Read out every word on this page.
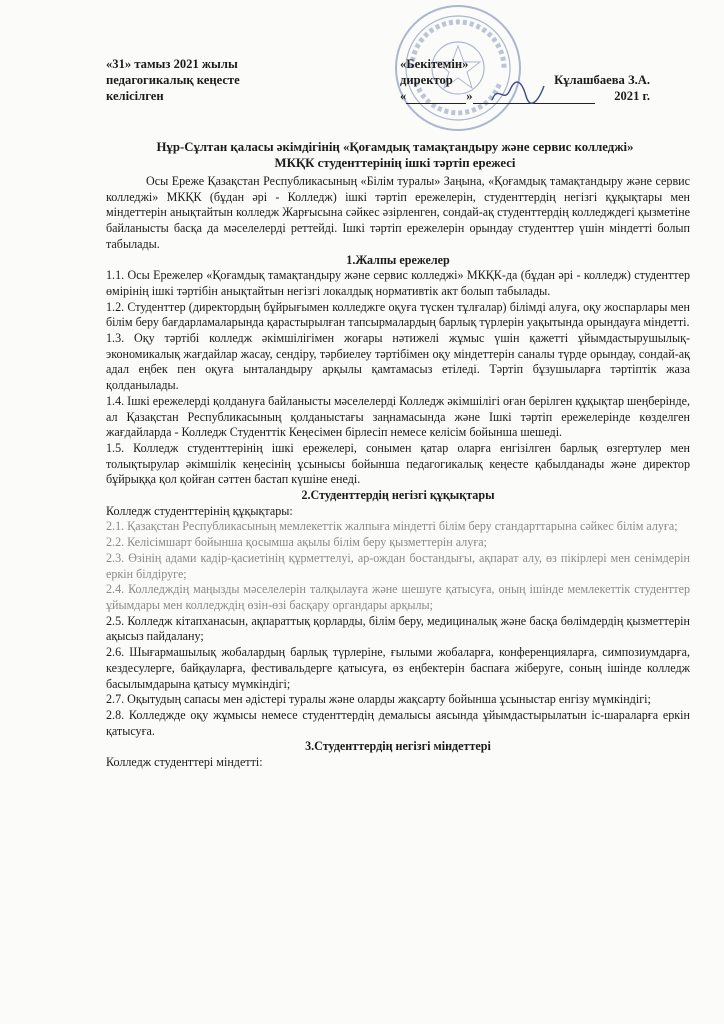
«31» тамыз 2021 жылы
педагогикалық кеңесте
келісілген
«Бекітемін»
директор	Кұлашбаева З.А.
«	»	2021 г.
Нұр-Сұлтан қаласы әкімдігінің «Қоғамдық тамақтандыру және сервис колледжі»
МКҚК студенттерінің ішкі тәртіп ережесі

Осы Ереже Қазақстан Республикасының «Білім туралы» Заңына, «Қоғамдық тамақтандыру және сервис колледжі» МКҚК (бұдан әрі - Колледж) ішкі тәртіп ережелерін, студенттердің негізгі құқықтары мен міндеттерін анықтайтын колледж Жарғысына сәйкес әзірленген, сондай-ақ студенттердің колледждегі қызметіне байланысты басқа да мәселелерді реттейді. Ішкі тәртіп ережелерін орындау студенттер үшін міндетті болып табылады.

1.Жалпы ережелер

1.1. Осы Ережелер «Қоғамдық тамақтандыру және сервис колледжі» МКҚК-да (бұдан әрі - колледж) студенттер өмірінің ішкі тәртібін анықтайтын негізгі локалдық нормативтік акт болып табылады.

1.2. Студенттер (директордың бұйрығымен колледжге оқуға түскен тұлғалар) білімді алуға, оқу жоспарлары мен білім беру бағдарламаларында қарастырылған тапсырмалардың барлық түрлерін уақытында орындауға міндетті.

1.3. Оқу тәртібі колледж әкімшілігімен жоғары нәтижелі жұмыс үшін қажетті ұйымдастырушылық-экономикалық жағдайлар жасау, сендіру, тәрбиелеу тәртібімен оқу міндеттерін саналы түрде орындау, сондай-ақ адал еңбек пен оқуға ынталандыру арқылы қамтамасыз етіледі. Тәртіп бұзушыларға тәртіптік жаза қолданылады.

1.4. Ішкі ережелерді қолдануға байланысты мәселелерді Колледж әкімшілігі оған берілген құқықтар шеңберінде, ал Қазақстан Республикасының қолданыстағы заңнамасында және Ішкі тәртіп ережелерінде көзделген жағдайларда - Колледж Студенттік Кеңесімен бірлесіп немесе келісім бойынша шешеді.

1.5. Колледж студенттерінің ішкі ережелері, сонымен қатар оларға енгізілген барлық өзгертулер мен толықтырулар әкімшілік кеңесінің ұсынысы бойынша педагогикалық кеңесте қабылданады және директор бұйрыққа қол қойған сәттен бастап күшіне енеді.

2.Студенттердің негізгі құқықтары

Колледж студенттерінің құқықтары:

2.1. Қазақстан Республикасының мемлекеттік жалпыға міндетті білім беру стандарттарына сәйкес білім алуға;

2.2. Келісімшарт бойынша қосымша ақылы білім беру қызметтерін алуға;

2.3. Өзінің адами кадір-қасиетінің құрметтелуі, ар-ождан бостандығы, ақпарат алу, өз пікірлері мен сенімдерін еркін білдіруге;

2.4. Колледждің маңызды мәселелерін талқылауға және шешуге қатысуға, оның ішінде мемлекеттік студенттер ұйымдары мен колледждің өзін-өзі басқару органдары арқылы;

2.5. Колледж кітапханасын, ақпараттық қорларды, білім беру, медициналық және басқа бөлімдердің қызметтерін ақысыз пайдалану;

2.6. Шығармашылық жобалардың барлық түрлеріне, ғылыми жобаларға, конференцияларға, симпозиумдарға, кездесулерге, байқауларға, фестивальдерге қатысуға, өз еңбектерін баспаға жіберуге, соның ішінде колледж басылымдарына қатысу мүмкіндігі;

2.7. Оқытудың сапасы мен әдістері туралы және оларды жақсарту бойынша ұсыныстар енгізу мүмкіндігі;

2.8. Колледжде оқу жұмысы немесе студенттердің демалысы аясында ұйымдастырылатын іс-шараларға еркін қатысуға.

3.Студенттердің негізгі міндеттері

Колледж студенттері міндетті:
